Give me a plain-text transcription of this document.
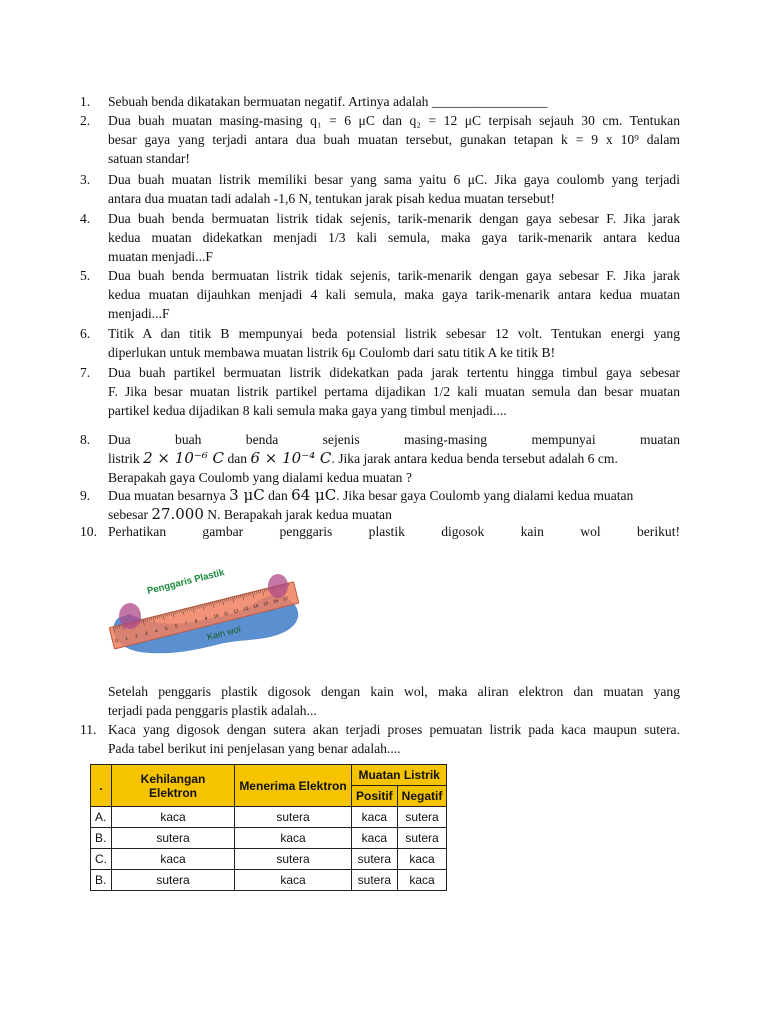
1.	Sebuah benda dikatakan bermuatan negatif. Artinya adalah _________________
2.	Dua buah muatan masing-masing q₁ = 6 μC dan q₂ = 12 μC terpisah sejauh 30 cm. Tentukan
besar gaya yang terjadi antara dua buah muatan tersebut, gunakan tetapan k = 9 x 10⁹ dalam
satuan standar!
3.	Dua buah muatan listrik memiliki besar yang sama yaitu 6 μC. Jika gaya coulomb yang terjadi
antara dua muatan tadi adalah -1,6 N, tentukan jarak pisah kedua muatan tersebut!
4.	Dua buah benda bermuatan listrik tidak sejenis, tarik-menarik dengan gaya sebesar F. Jika jarak
kedua muatan didekatkan menjadi 1/3 kali semula, maka gaya tarik-menarik antara kedua
muatan menjadi...F
5.	Dua buah benda bermuatan listrik tidak sejenis, tarik-menarik dengan gaya sebesar F. Jika jarak
kedua muatan dijauhkan menjadi 4 kali semula, maka gaya tarik-menarik antara kedua muatan
menjadi...F
6.	Titik A dan titik B mempunyai beda potensial listrik sebesar 12 volt. Tentukan energi yang
diperlukan untuk membawa muatan listrik 6μ Coulomb dari satu titik A ke titik B!
7.	Dua buah partikel bermuatan listrik didekatkan pada jarak tertentu hingga timbul gaya sebesar
F. Jika besar muatan listrik partikel pertama dijadikan 1/2 kali muatan semula dan besar muatan
partikel kedua dijadikan 8 kali semula maka gaya yang timbul menjadi....
8.	Dua buah benda sejenis masing-masing mempunyai muatan
listrik 2 × 10⁻⁶ C dan 6 × 10⁻⁴ C. Jika jarak antara kedua benda tersebut adalah 6 cm.
Berapakah gaya Coulomb yang dialami kedua muatan ?
9.	Dua muatan besarnya 3 μC dan 64 μC. Jika besar gaya Coulomb yang dialami kedua muatan
sebesar 27.000 N. Berapakah jarak kedua muatan
10. Perhatikan gambar penggaris plastik digosok kain wol berikut!
0 1 2 3 4 5 6 7 8 9 10 11 12 13 14 15 16 17
Penggaris Plastik
Kain wol
Setelah penggaris plastik digosok dengan kain wol, maka aliran elektron dan muatan yang
terjadi pada penggaris plastik adalah...
11. Kaca yang digosok dengan sutera akan terjadi proses pemuatan listrik pada kaca maupun sutera.
Pada tabel berikut ini penjelasan yang benar adalah....
.	Kehilangan Elektron	Menerima Elektron	Muatan Listrik	
			Positif	Negatif
A.	kaca	sutera	kaca	sutera
B.	sutera	kaca	kaca	sutera
C.	kaca	sutera	sutera	kaca
B.	sutera	kaca	sutera	kaca
